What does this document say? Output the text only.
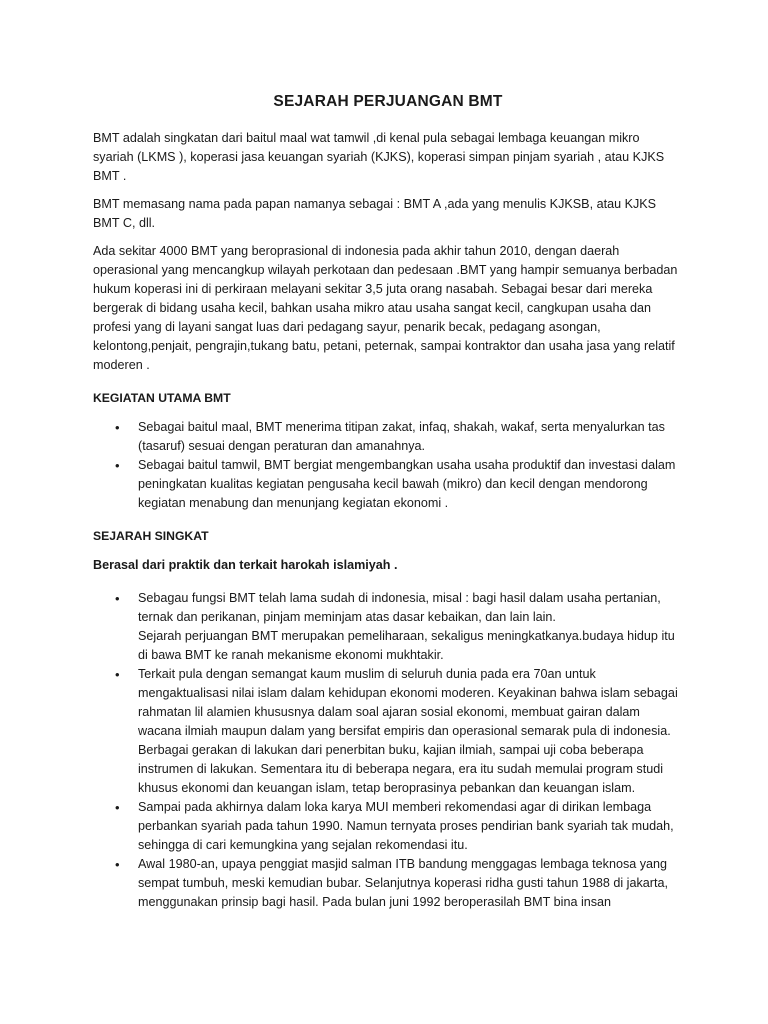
SEJARAH PERJUANGAN BMT

BMT adalah singkatan dari baitul maal wat tamwil ,di kenal pula sebagai lembaga keuangan mikro syariah (LKMS ), koperasi jasa keuangan syariah (KJKS), koperasi simpan pinjam syariah , atau KJKS BMT .

BMT memasang nama pada papan namanya sebagai : BMT A ,ada yang menulis KJKSB, atau KJKS BMT C, dll.

Ada sekitar 4000 BMT yang beroprasional di indonesia pada akhir tahun 2010, dengan daerah operasional yang mencangkup wilayah perkotaan dan pedesaan .BMT yang hampir semuanya berbadan hukum koperasi ini di perkiraan melayani sekitar 3,5 juta orang nasabah. Sebagai besar dari mereka bergerak di bidang usaha kecil, bahkan usaha mikro atau usaha sangat kecil, cangkupan usaha dan profesi yang di layani sangat luas dari pedagang sayur, penarik becak, pedagang asongan, kelontong,penjait, pengrajin,tukang batu, petani, peternak, sampai kontraktor dan usaha jasa yang relatif moderen .

KEGIATAN UTAMA BMT
• Sebagai baitul maal, BMT menerima titipan zakat, infaq, shakah, wakaf, serta menyalurkan tas (tasaruf) sesuai dengan peraturan dan amanahnya.
• Sebagai baitul tamwil, BMT bergiat mengembangkan usaha usaha produktif dan investasi dalam peningkatan kualitas kegiatan pengusaha kecil bawah (mikro) dan kecil dengan mendorong kegiatan menabung dan menunjang kegiatan ekonomi .
SEJARAH SINGKAT
Berasal dari praktik dan terkait harokah islamiyah .
• Sebagau fungsi BMT telah lama sudah di indonesia, misal : bagi hasil dalam usaha pertanian, ternak dan perikanan, pinjam meminjam atas dasar kebaikan, dan lain lain.
Sejarah perjuangan BMT merupakan pemeliharaan, sekaligus meningkatkanya.budaya hidup itu di bawa BMT ke ranah mekanisme ekonomi mukhtakir.
• Terkait pula dengan semangat kaum muslim di seluruh dunia pada era 70an untuk mengaktualisasi nilai islam dalam kehidupan ekonomi moderen. Keyakinan bahwa islam sebagai rahmatan lil alamien khususnya dalam soal ajaran sosial ekonomi, membuat gairan dalam wacana ilmiah maupun dalam yang bersifat empiris dan operasional semarak pula di indonesia. Berbagai gerakan di lakukan dari penerbitan buku, kajian ilmiah, sampai uji coba beberapa instrumen di lakukan. Sementara itu di beberapa negara, era itu sudah memulai program studi khusus ekonomi dan keuangan islam, tetap beroprasinya pebankan dan keuangan islam.
• Sampai pada akhirnya dalam loka karya MUI memberi rekomendasi agar di dirikan lembaga perbankan syariah pada tahun 1990. Namun ternyata proses pendirian bank syariah tak mudah, sehingga di cari kemungkina yang sejalan rekomendasi itu.
• Awal 1980-an, upaya penggiat masjid salman ITB bandung menggagas lembaga teknosa yang sempat tumbuh, meski kemudian bubar. Selanjutnya koperasi ridha gusti tahun 1988 di jakarta, menggunakan prinsip bagi hasil. Pada bulan juni 1992 beroperasilah BMT bina insan
